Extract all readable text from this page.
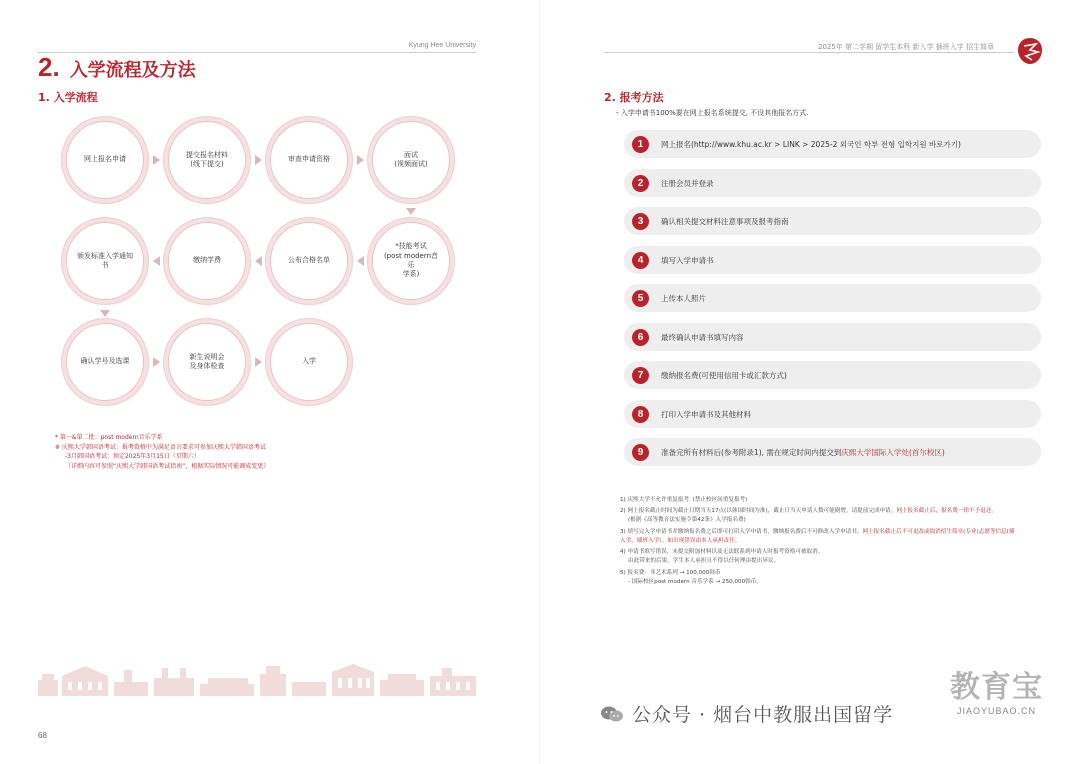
Kyung Hee University
2. 入学流程及方法
1. 入学流程
网上报名申请
提交报名材料
(线下提交)
审查申请资格
面试
(视频面试)
*技能考试
(post modern音乐
学系)
公布合格名单
缴纳学费
颁发标准入学通知书
确认学号及选课
新生说明会
及身体检查
入学
* 第一&第二批：post modern音乐学系
※ 庆熙大学韩国语考试：报考资格中为满足语言要求可参加庆熙大学韩国语考试
-3月韩国语考试：预定2025年3月15日（星期六）
（详细内容可参照“庆熙大学韩国语考试指南”，根据实际情况可能调成变更）
68
2025年 第二学期 留学生本科 新入学 插班入学 招生简章
2. 报考方法
- 入学申请书100%要在网上报名系统提交, 不设其他报名方式.
1	网上报名(http://www.khu.ac.kr > LINK > 2025-2 외국인 학부 전형 입학지원 바로가기)
2	注册会员并登录
3	确认相关提交材料注意事项及报考指南
4	填写入学申请书
5	上传本人照片
6	最终确认申请书填写内容
7	缴纳报名费(可使用信用卡或汇款方式)
8	打印入学申请书及其他材料
9	准备完所有材料后(参考附录1), 需在规定时间内提交到庆熙大学国际入学处(首尔校区)

1) 庆熙大学不允许重复报考. (禁止校区间重复报考)

2) 网上报名截止时间为截止日期当天17点(以韩国时间为准)，截止日当天申请人数可能剧增，请提前完成申请。网上报名截止后，报名费一律不予退还。
(根据《高等教育法实施令第42条》入学报名费)

3) 填写完入学申请书并缴纳报名费之后即可打印入学申请书，缴纳报名费后不可修改入学申请书。网上报名截止后不可更改或取消招生简章(专业)志愿等信息(插入学，插班入学），如出现错误由本人承担责任。

4) 申请书填写错误，未提交附加材料以及无法联系到申请人时报考资格可被取消。
由此带来的后果，学生本人承担且不得以任何理由提出异议。

5) 报名费：非艺术系列 → 100,000韩币
- 国际校区post modern 音乐学系 → 250,000韩币。

公众号 · 烟台中教服出国留学
教育宝
JIAOYUBAO.CN
